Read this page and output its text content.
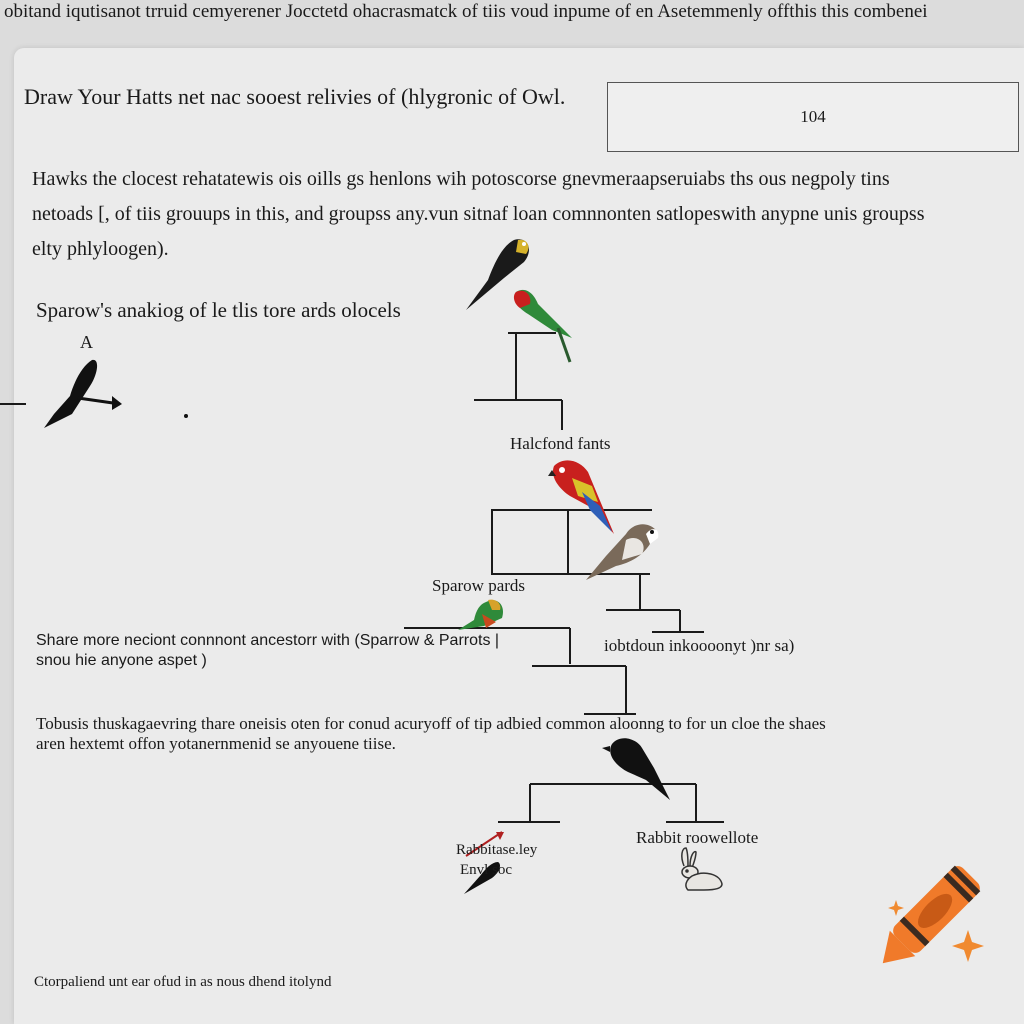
obitand iqutisanot trruid cemyerener Jocctetd ohacrasmatck of tiis voud inpume of en Asetemmenly offthis this combenei
Draw Your Hatts net nac sooest relivies of (hlygronic of Owl.
104
Hawks the clocest rehatatewis ois oills gs henlons wih potoscorse gnevmeraapseruiabs ths ous negpoly tins
netoads [, of tiis grouups in this, and groupss any.vun sitnaf loan comnnonten satlopeswith anypne unis groupss
elty phlyloogen).
Sparow's anakiog of le tlis tore ards olocels
A
Halcfond fants
Sparow pards
Share more neciont connnont ancestorr with (Sparrow & Parrots |
snou hie anyone aspet )
iobtdoun inkoooonyt )nr sa)
Tobusis thuskagaevring thare oneisis oten for conud acuryoff of tip adbied common aloonng to for un cloe the shaes
aren hextemt offon yotanernmenid se anyouene tiise.
Rabbit roowellote
Rabbitase.ley
Envl soc
Ctorpaliend unt ear ofud in as nous dhend itolynd
